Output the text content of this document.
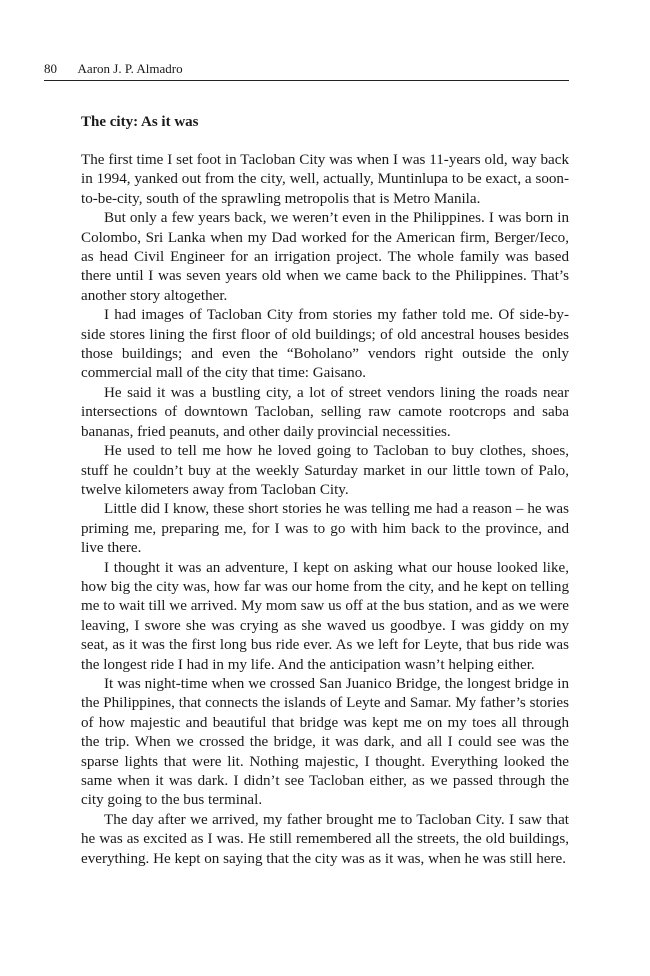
80 Aaron J. P. Almadro
The city: As it was

The first time I set foot in Tacloban City was when I was 11-years old, way back in 1994, yanked out from the city, well, actually, Muntinlupa to be exact, a soon-to-be-city, south of the sprawling metropolis that is Metro Manila.

But only a few years back, we weren’t even in the Philippines. I was born in Colombo, Sri Lanka when my Dad worked for the American firm, Berger/Ieco, as head Civil Engineer for an irrigation project. The whole family was based there until I was seven years old when we came back to the Philippines. That’s another story altogether.

I had images of Tacloban City from stories my father told me. Of side-by-side stores lining the first floor of old buildings; of old ancestral houses besides those buildings; and even the “Boholano” vendors right outside the only commercial mall of the city that time: Gaisano.

He said it was a bustling city, a lot of street vendors lining the roads near intersections of downtown Tacloban, selling raw camote rootcrops and saba bananas, fried peanuts, and other daily provincial necessities.

He used to tell me how he loved going to Tacloban to buy clothes, shoes, stuff he couldn’t buy at the weekly Saturday market in our little town of Palo, twelve kilometers away from Tacloban City.

Little did I know, these short stories he was telling me had a reason – he was priming me, preparing me, for I was to go with him back to the province, and live there.

I thought it was an adventure, I kept on asking what our house looked like, how big the city was, how far was our home from the city, and he kept on telling me to wait till we arrived. My mom saw us off at the bus station, and as we were leaving, I swore she was crying as she waved us goodbye. I was giddy on my seat, as it was the first long bus ride ever. As we left for Leyte, that bus ride was the longest ride I had in my life. And the anticipation wasn’t helping either.

It was night-time when we crossed San Juanico Bridge, the longest bridge in the Philippines, that connects the islands of Leyte and Samar. My father’s stories of how majestic and beautiful that bridge was kept me on my toes all through the trip. When we crossed the bridge, it was dark, and all I could see was the sparse lights that were lit. Nothing majestic, I thought. Everything looked the same when it was dark. I didn’t see Tacloban either, as we passed through the city going to the bus terminal.

The day after we arrived, my father brought me to Tacloban City. I saw that he was as excited as I was. He still remembered all the streets, the old buildings, everything. He kept on saying that the city was as it was, when he was still here.
